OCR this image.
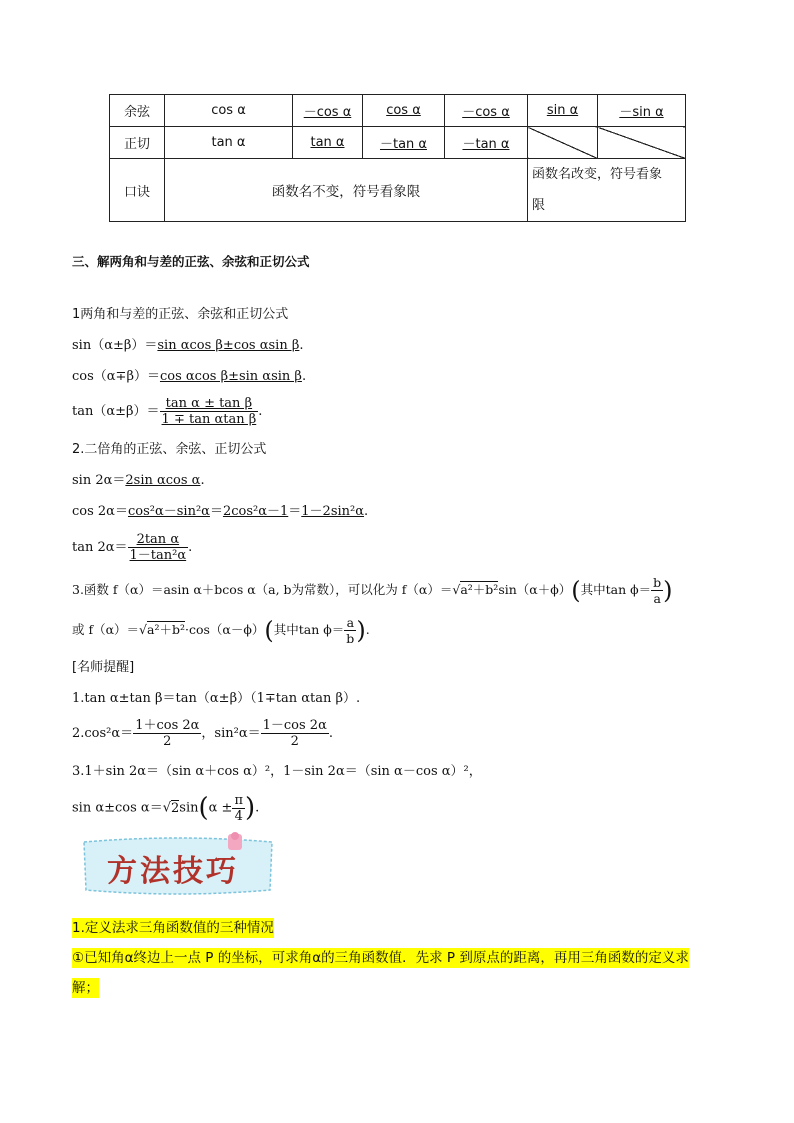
余弦	cos α	－cos α	cos α	－cos α	sin α	－sin α
正切	tan α	tan α	－tan α	－tan α		
口诀	函数名不变，符号看象限				函数名改变，符号看象
限	
三、解两角和与差的正弦、余弦和正切公式
1两角和与差的正弦、余弦和正切公式
sin（α±β）＝sin αcos β±cos αsin β.
cos（α∓β）＝cos αcos β±sin αsin β.
$\tan(\alpha\pm\beta)= \frac{\text{tan α ± tan β}}{\text{1 ∓ tan αtan β}}$ .
2.二倍角的正弦、余弦、正切公式
sin 2α＝2sin αcos α.
cos 2α＝cos²α－sin²α＝2cos²α－1＝1－2sin²α.
$\tan 2\alpha= \frac{\text{2tan α}}{\text{1－tan²α}}$ .
3.函数 f（α）＝asin α＋bcos α（a, b为常数），可以化为 f（α）＝√a²＋b²sin（α＋ϕ）(其中$\tan \phi= \frac{b}{a}$ )
或 f（α）＝√a²＋b²·cos（α－ϕ）(其中$\tan \phi= \frac{a}{b}$ ).
[名师提醒]
1.tan α±tan β＝tan（α±β）（1∓tan αtan β）.
$2.\cos^2\alpha= \frac{1+\cos 2\alpha}{2}$ ，$\sin^2\alpha= \frac{1-\cos 2\alpha}{2}$ .
3.1＋sin 2α＝（sin α＋cos α）²，1－sin 2α＝（sin α－cos α）²，
sin α±cos $\alpha=√2\sin(\alpha \pm \frac{\pi}{4}$ ).
方法技巧
1.定义法求三角函数值的三种情况
①已知角α终边上一点 P 的坐标，可求角α的三角函数值．先求 P 到原点的距离，再用三角函数的定义求
解；
